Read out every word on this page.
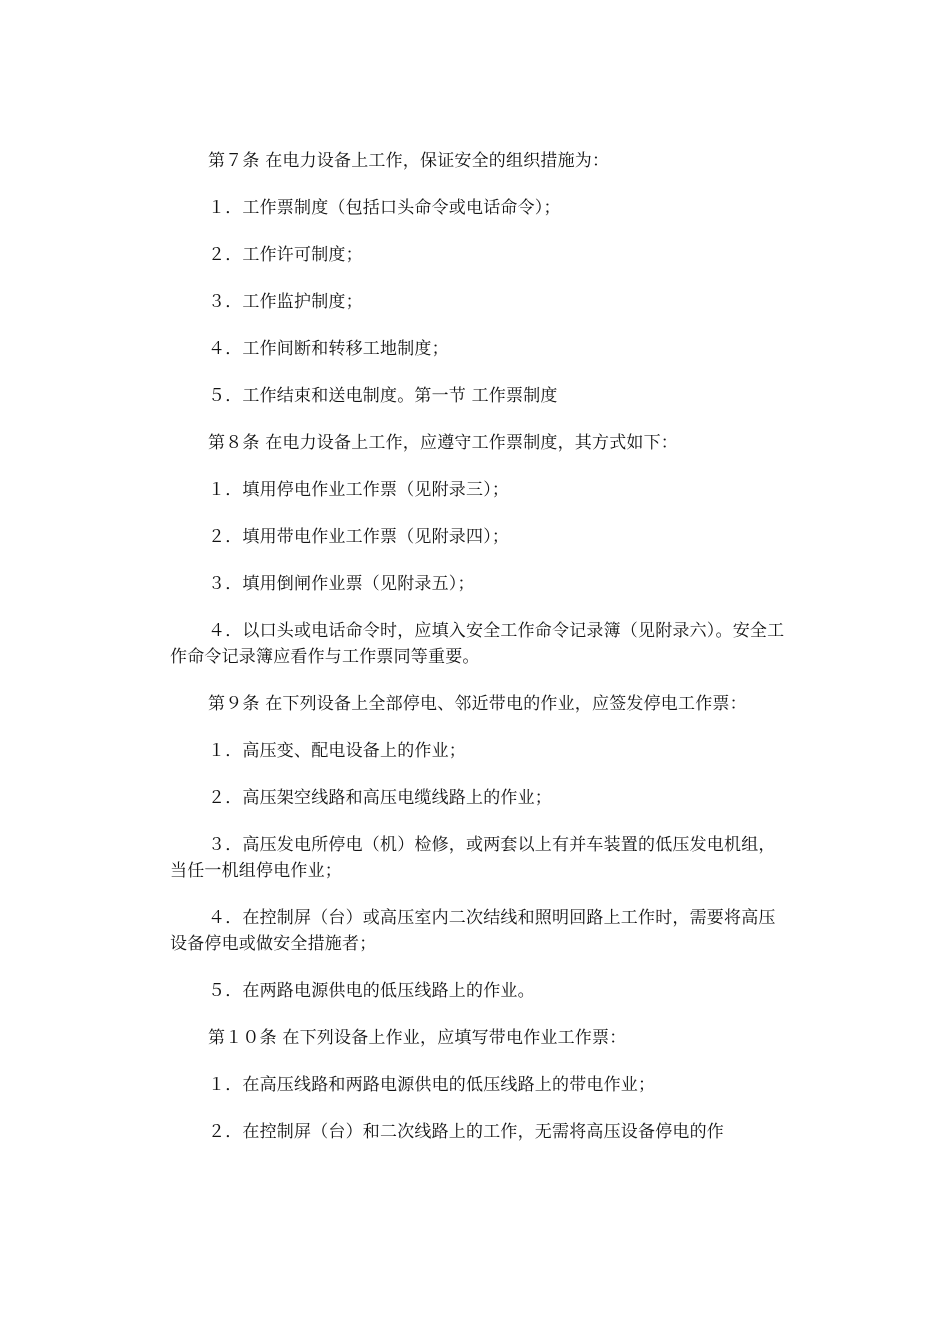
第７条 在电力设备上工作，保证安全的组织措施为：

１．工作票制度（包括口头命令或电话命令）；

２．工作许可制度；

３．工作监护制度；

４．工作间断和转移工地制度；

５．工作结束和送电制度。第一节 工作票制度

第８条 在电力设备上工作，应遵守工作票制度，其方式如下：

１．填用停电作业工作票（见附录三）；

２．填用带电作业工作票（见附录四）；

３．填用倒闸作业票（见附录五）；

４．以口头或电话命令时，应填入安全工作命令记录簿（见附录六）。安全工作命令记录簿应看作与工作票同等重要。

第９条 在下列设备上全部停电、邻近带电的作业，应签发停电工作票：

１．高压变、配电设备上的作业；

２．高压架空线路和高压电缆线路上的作业；

３．高压发电所停电（机）检修，或两套以上有并车装置的低压发电机组，当任一机组停电作业；

４．在控制屏（台）或高压室内二次结线和照明回路上工作时，需要将高压设备停电或做安全措施者；

５．在两路电源供电的低压线路上的作业。

第１０条 在下列设备上作业，应填写带电作业工作票：

１．在高压线路和两路电源供电的低压线路上的带电作业；

２．在控制屏（台）和二次线路上的工作，无需将高压设备停电的作
